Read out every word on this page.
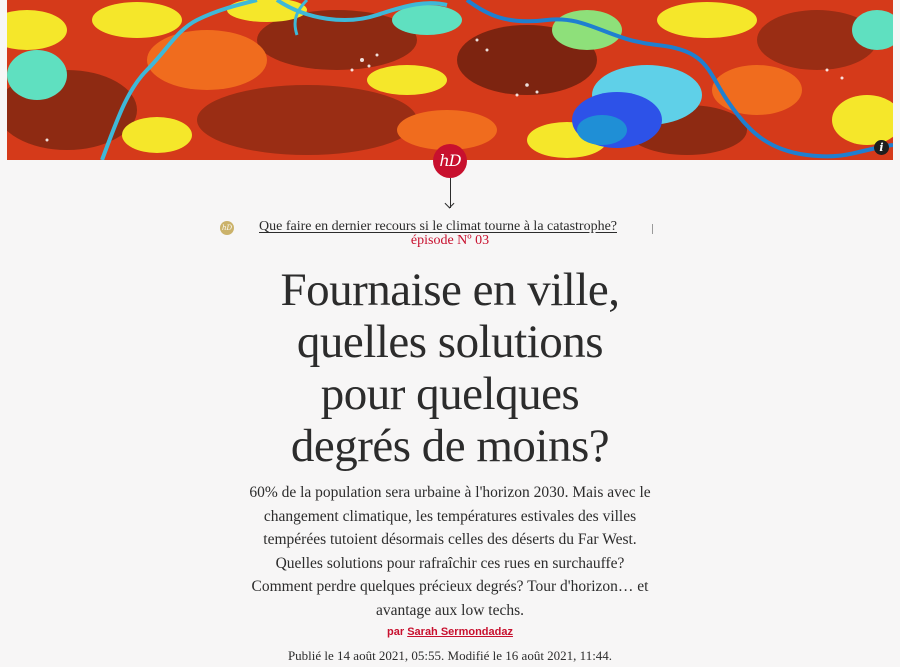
i
hD
hD Que faire en dernier recours si le climat tourne à la catastrophe?
épisode Nº 03
Fournaise en ville,
quelles solutions
pour quelques
degrés de moins?

60% de la population sera urbaine à l'horizon 2030. Mais avec le
changement climatique, les températures estivales des villes
tempérées tutoient désormais celles des déserts du Far West.
Quelles solutions pour rafraîchir ces rues en surchauffe?
Comment perdre quelques précieux degrés? Tour d'horizon… et
avantage aux low techs.

par Sarah Sermondadaz
Publié le 14 août 2021, 05:55. Modifié le 16 août 2021, 11:44.
